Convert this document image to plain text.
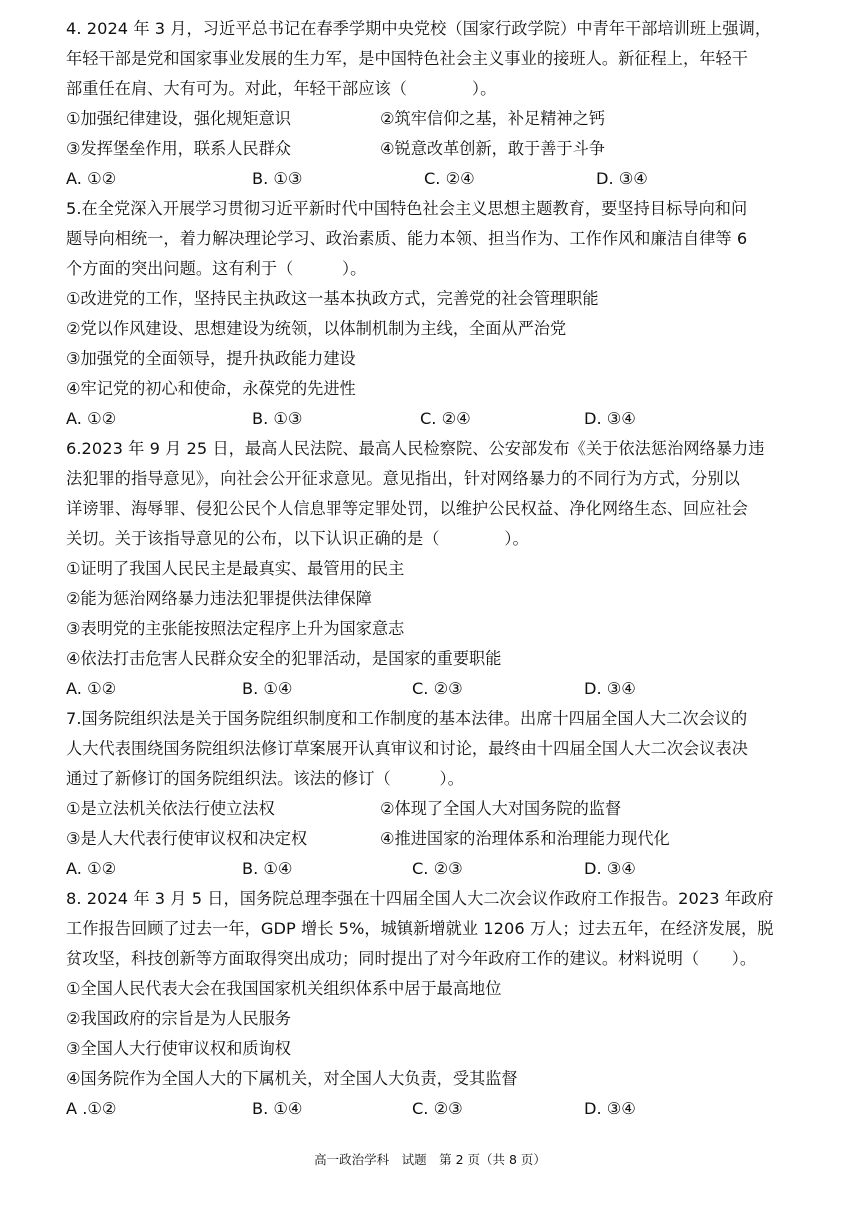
4. 2024 年 3 月，习近平总书记在春季学期中央党校（国家行政学院）中青年干部培训班上强调，
年轻干部是党和国家事业发展的生力军，是中国特色社会主义事业的接班人。新征程上，年轻干
部重任在肩、大有可为。对此，年轻干部应该（　　　　）。
①加强纪律建设，强化规矩意识	②筑牢信仰之基，补足精神之钙
③发挥堡垒作用，联系人民群众	④锐意改革创新，敢于善于斗争
A. ①②	B. ①③	C. ②④	D. ③④
5.在全党深入开展学习贯彻习近平新时代中国特色社会主义思想主题教育，要坚持目标导向和问
题导向相统一，着力解决理论学习、政治素质、能力本领、担当作为、工作作风和廉洁自律等 6
个方面的突出问题。这有利于（　　　）。
①改进党的工作，坚持民主执政这一基本执政方式，完善党的社会管理职能
②党以作风建设、思想建设为统领，以体制机制为主线，全面从严治党
③加强党的全面领导，提升执政能力建设
④牢记党的初心和使命，永葆党的先进性
A. ①②	B. ①③	C. ②④	D. ③④
6.2023 年 9 月 25 日，最高人民法院、最高人民检察院、公安部发布《关于依法惩治网络暴力违
法犯罪的指导意见》，向社会公开征求意见。意见指出，针对网络暴力的不同行为方式，分别以
详谤罪、海辱罪、侵犯公民个人信息罪等定罪处罚，以维护公民权益、净化网络生态、回应社会
关切。关于该指导意见的公布，以下认识正确的是（　　　　）。
①证明了我国人民民主是最真实、最管用的民主
②能为惩治网络暴力违法犯罪提供法律保障
③表明党的主张能按照法定程序上升为国家意志
④依法打击危害人民群众安全的犯罪活动，是国家的重要职能
A. ①②	B. ①④	C. ②③	D. ③④
7.国务院组织法是关于国务院组织制度和工作制度的基本法律。出席十四届全国人大二次会议的
人大代表围绕国务院组织法修订草案展开认真审议和讨论，最终由十四届全国人大二次会议表决
通过了新修订的国务院组织法。该法的修订（　　　）。
①是立法机关依法行使立法权	②体现了全国人大对国务院的监督
③是人大代表行使审议权和决定权	④推进国家的治理体系和治理能力现代化
A. ①②	B. ①④	C. ②③	D. ③④
8. 2024 年 3 月 5 日，国务院总理李强在十四届全国人大二次会议作政府工作报告。2023 年政府
工作报告回顾了过去一年，GDP 增长 5%，城镇新增就业 1206 万人；过去五年，在经济发展，脱
贫攻坚，科技创新等方面取得突出成功；同时提出了对今年政府工作的建议。材料说明（　　）。
①全国人民代表大会在我国国家机关组织体系中居于最高地位
②我国政府的宗旨是为人民服务
③全国人大行使审议权和质询权
④国务院作为全国人大的下属机关，对全国人大负责，受其监督
A .①②	B. ①④	C. ②③	D. ③④
高一政治学科　试题　第 2 页（共 8 页）
